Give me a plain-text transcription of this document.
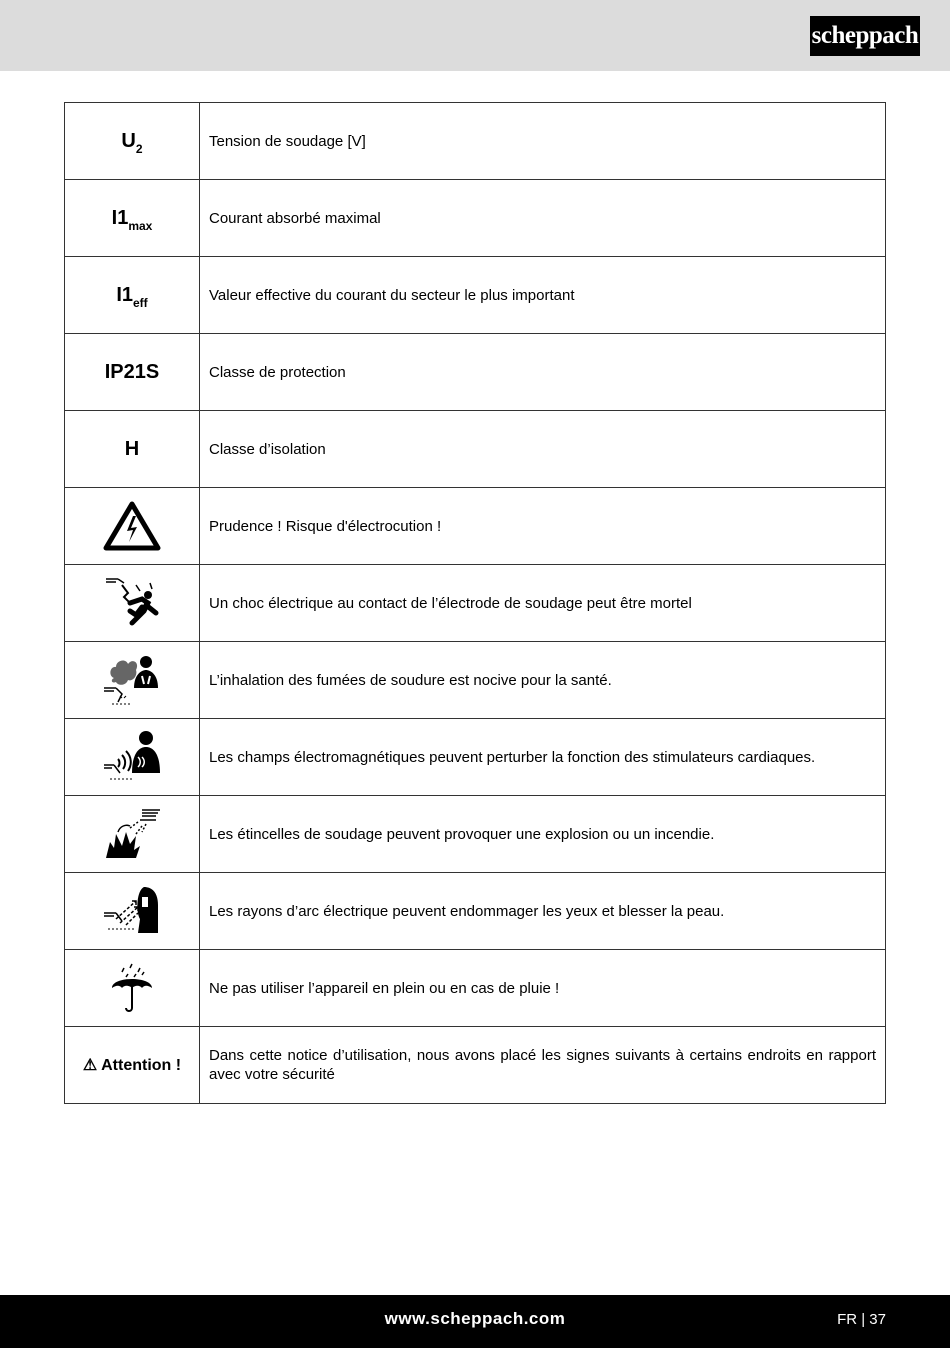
scheppach
$U_2$	Tension de soudage [V]
$I1_{max}$	Courant absorbé maximal
$I1_{eff}$	Valeur effective du courant du secteur le plus important
IP21S	Classe de protection
H	Classe d’isolation

	Prudence ! Risque d'électrocution !

	Un choc électrique au contact de l’électrode de soudage peut être mortel

	L’inhalation des fumées de soudure est nocive pour la santé.

	Les champs électromagnétiques peuvent perturber la fonction des stimulateurs cardiaques.

	Les étincelles de soudage peuvent provoquer une explosion ou un incendie.

	Les rayons d’arc électrique peuvent endommager les yeux et blesser la peau.

	Ne pas utiliser l’appareil en plein ou en cas de pluie !
⚠ Attention !	Dans cette notice d’utilisation, nous avons placé les signes suivants à certains endroits en rapport avec votre sécurité
www.scheppach.com	FR | 37
